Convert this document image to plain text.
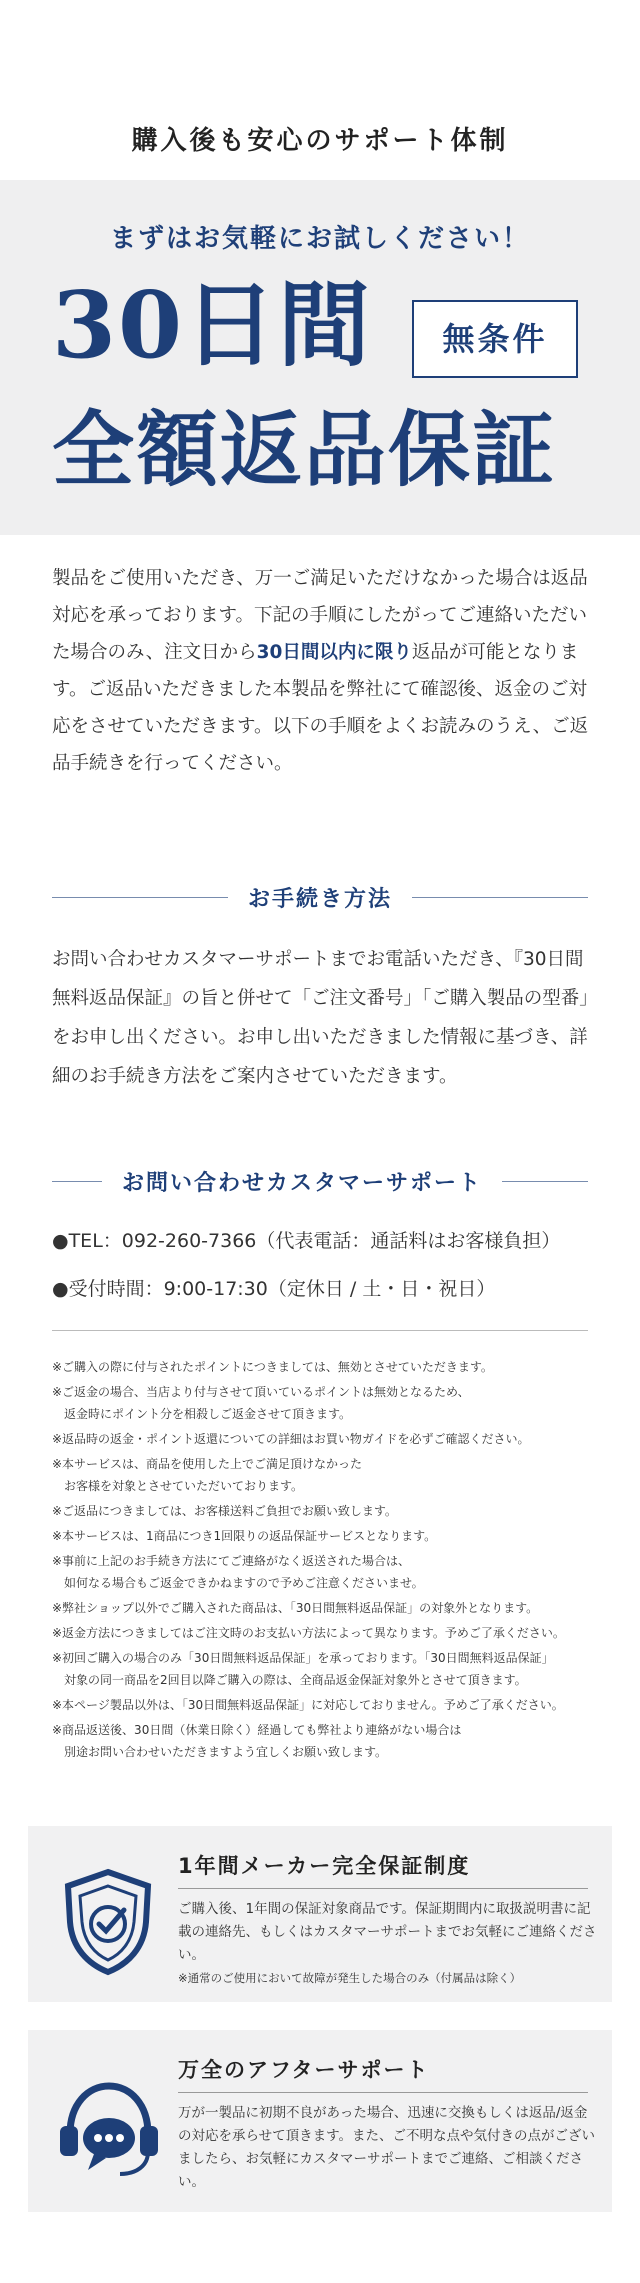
購入後も安心のサポート体制
まずはお気軽にお試しください！
30日間	無条件
全額返品保証
製品をご使用いただき、万一ご満足いただけなかった場合は返品対応を承っております。下記の手順にしたがってご連絡いただいた場合のみ、注文日から30日間以内に限り返品が可能となります。ご返品いただきました本製品を弊社にて確認後、返金のご対応をさせていただきます。以下の手順をよくお読みのうえ、ご返品手続きを行ってください。
お手続き方法
お問い合わせカスタマーサポートまでお電話いただき、『30日間無料返品保証』の旨と併せて「ご注文番号」「ご購入製品の型番」をお申し出ください。お申し出いただきました情報に基づき、詳細のお手続き方法をご案内させていただきます。
お問い合わせカスタマーサポート
●TEL：092-260-7366（代表電話：通話料はお客様負担）
●受付時間：9:00-17:30（定休日 / 土・日・祝日）
※ご購入の際に付与されたポイントにつきましては、無効とさせていただきます。
※ご返金の場合、当店より付与させて頂いているポイントは無効となるため、
　返金時にポイント分を相殺しご返金させて頂きます。
※返品時の返金・ポイント返還についての詳細はお買い物ガイドを必ずご確認ください。
※本サービスは、商品を使用した上でご満足頂けなかった
　お客様を対象とさせていただいております。
※ご返品につきましては、お客様送料ご負担でお願い致します。
※本サービスは、1商品につき1回限りの返品保証サービスとなります。
※事前に上記のお手続き方法にてご連絡がなく返送された場合は、
　如何なる場合もご返金できかねますので予めご注意くださいませ。
※弊社ショップ以外でご購入された商品は、「30日間無料返品保証」の対象外となります。
※返金方法につきましてはご注文時のお支払い方法によって異なります。予めご了承ください。
※初回ご購入の場合のみ「30日間無料返品保証」を承っております。「30日間無料返品保証」
　対象の同一商品を2回目以降ご購入の際は、全商品返金保証対象外とさせて頂きます。
※本ページ製品以外は、「30日間無料返品保証」に対応しておりません。予めご了承ください。
※商品返送後、30日間（休業日除く）経過しても弊社より連絡がない場合は
　別途お問い合わせいただきますよう宜しくお願い致します。
1年間メーカー完全保証制度
ご購入後、1年間の保証対象商品です。保証期間内に取扱説明書に記載の連絡先、もしくはカスタマーサポートまでお気軽にご連絡ください。
※通常のご使用において故障が発生した場合のみ（付属品は除く）
万全のアフターサポート
万が一製品に初期不良があった場合、迅速に交換もしくは返品/返金の対応を承らせて頂きます。また、ご不明な点や気付きの点がございましたら、お気軽にカスタマーサポートまでご連絡、ご相談ください。
